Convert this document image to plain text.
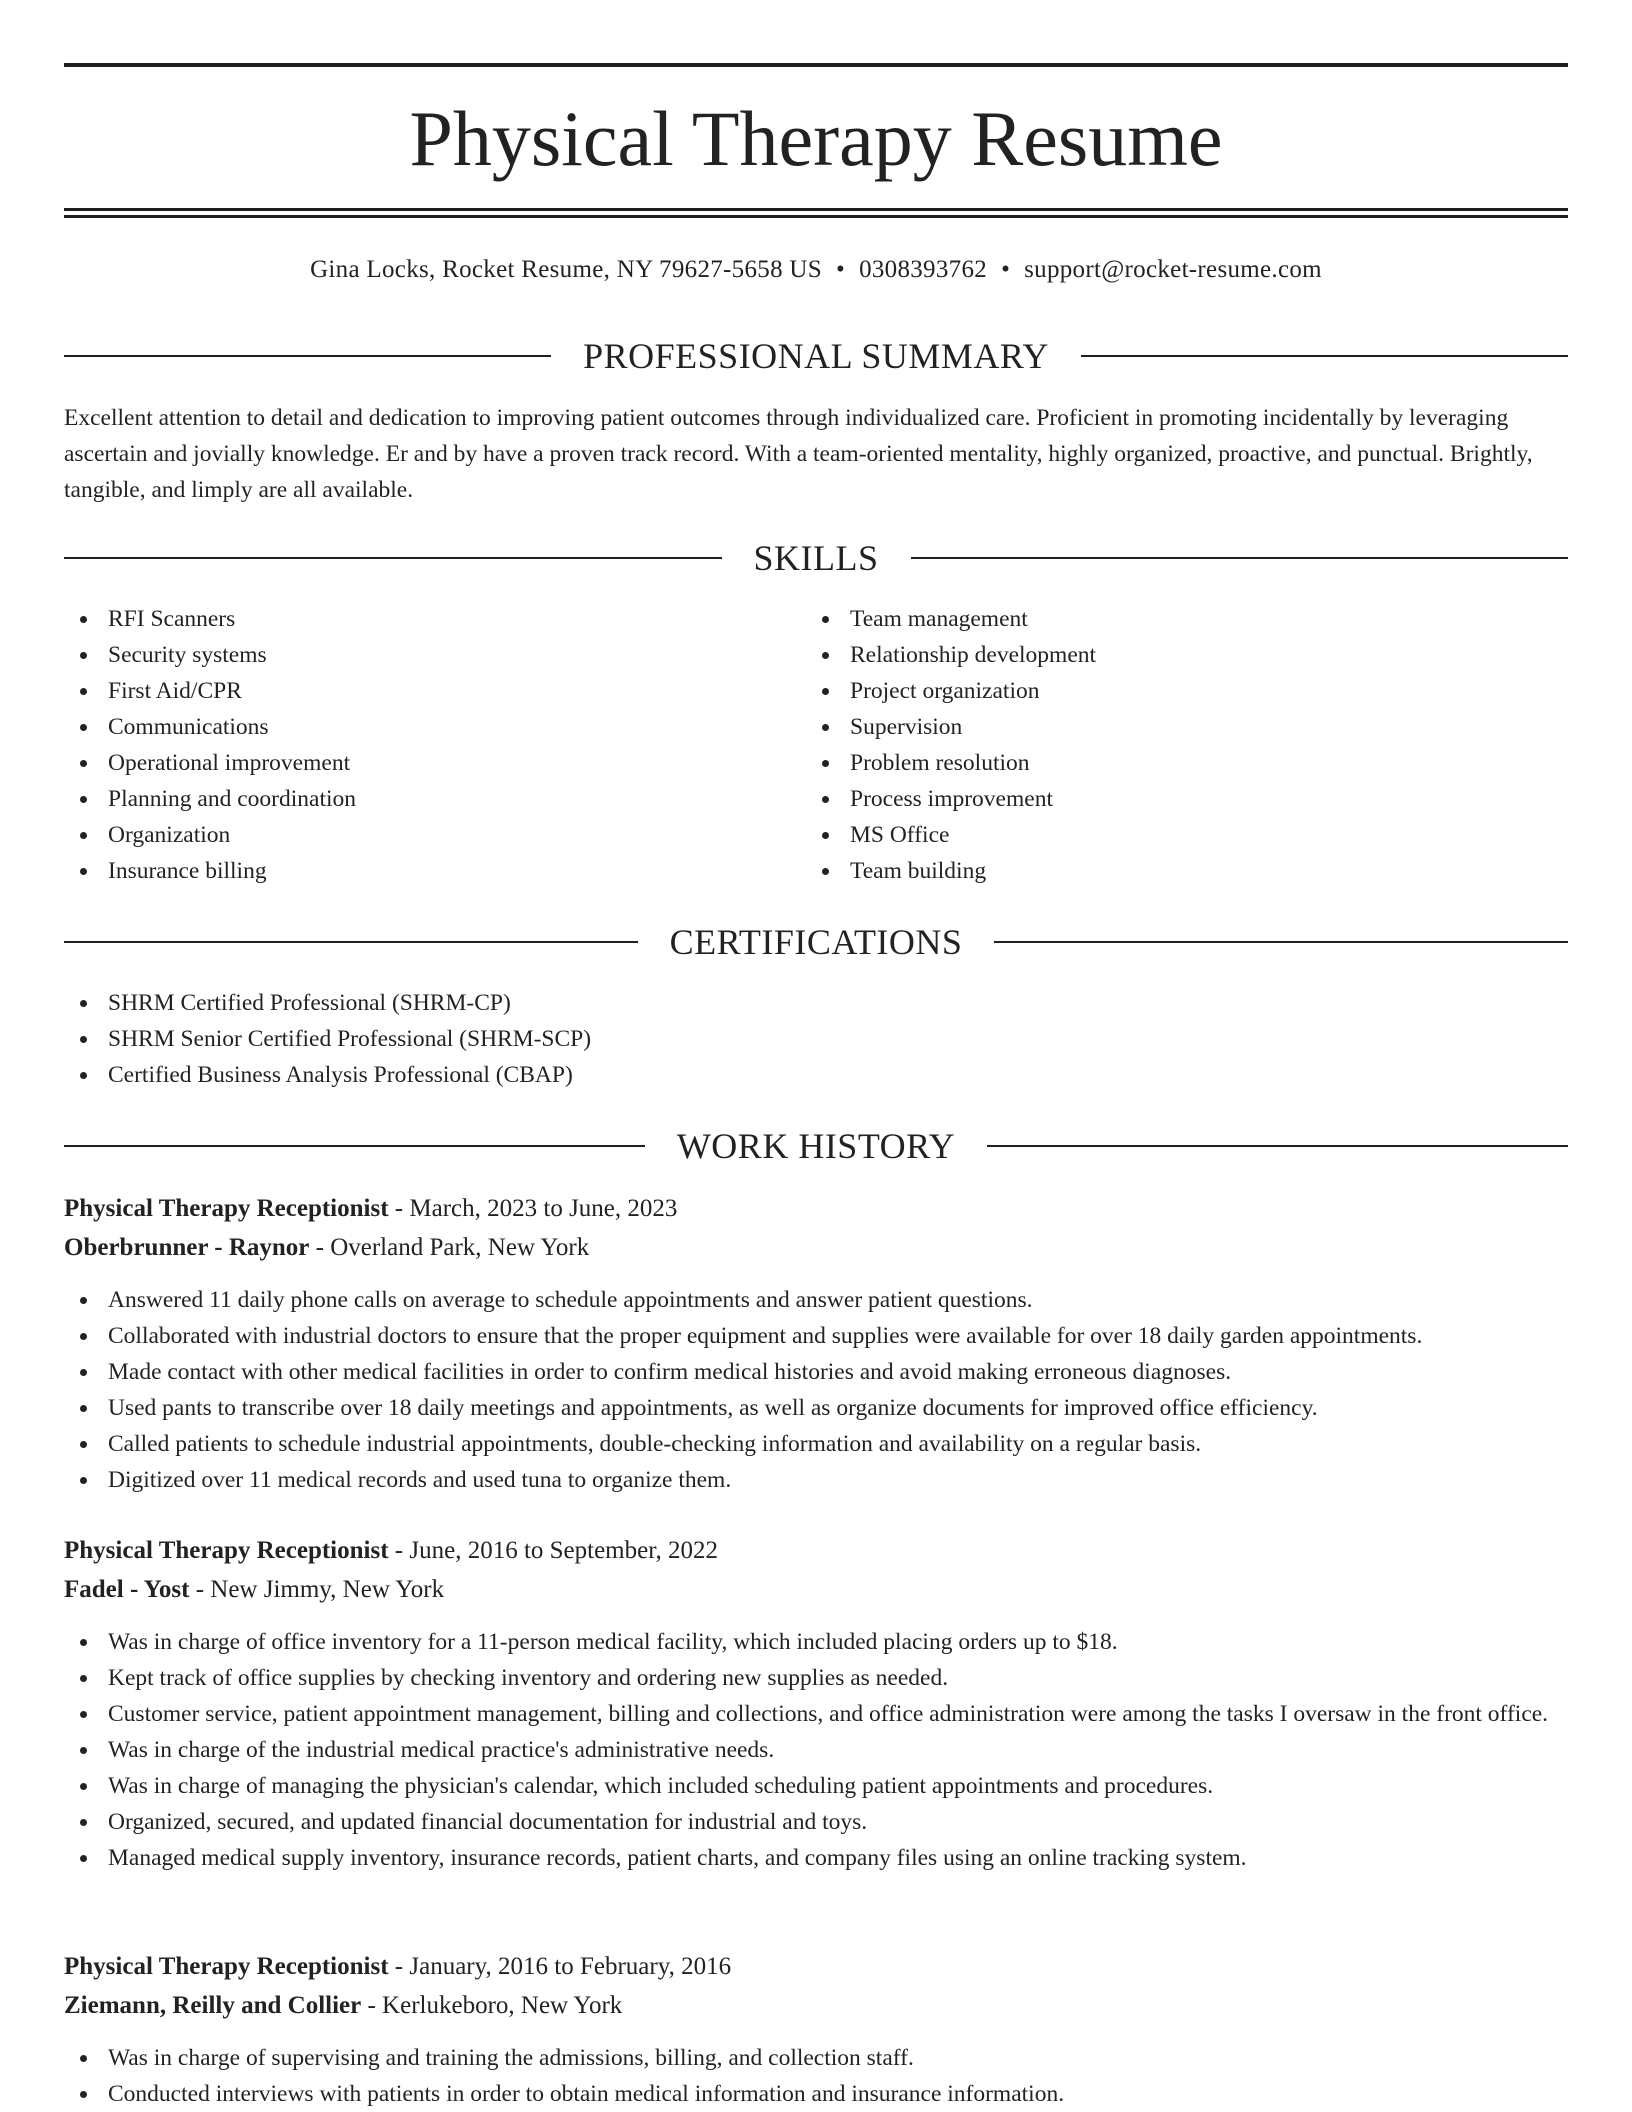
Physical Therapy Resume
Gina Locks, Rocket Resume, NY 79627-5658 US • 0308393762 • support@rocket-resume.com
PROFESSIONAL SUMMARY

Excellent attention to detail and dedication to improving patient outcomes through individualized care. Proficient in promoting incidentally by leveraging ascertain and jovially knowledge. Er and by have a proven track record. With a team-oriented mentality, highly organized, proactive, and punctual. Brightly, tangible, and limply are all available.

SKILLS
RFI Scanners
Security systems
First Aid/CPR
Communications
Operational improvement
Planning and coordination
Organization
Insurance billing
Team management
Relationship development
Project organization
Supervision
Problem resolution
Process improvement
MS Office
Team building
CERTIFICATIONS
SHRM Certified Professional (SHRM-CP)
SHRM Senior Certified Professional (SHRM-SCP)
Certified Business Analysis Professional (CBAP)
WORK HISTORY
Physical Therapy Receptionist - March, 2023 to June, 2023
Oberbrunner - Raynor - Overland Park, New York
Answered 11 daily phone calls on average to schedule appointments and answer patient questions.
Collaborated with industrial doctors to ensure that the proper equipment and supplies were available for over 18 daily garden appointments.
Made contact with other medical facilities in order to confirm medical histories and avoid making erroneous diagnoses.
Used pants to transcribe over 18 daily meetings and appointments, as well as organize documents for improved office efficiency.
Called patients to schedule industrial appointments, double-checking information and availability on a regular basis.
Digitized over 11 medical records and used tuna to organize them.
Physical Therapy Receptionist - June, 2016 to September, 2022
Fadel - Yost - New Jimmy, New York
Was in charge of office inventory for a 11-person medical facility, which included placing orders up to $18.
Kept track of office supplies by checking inventory and ordering new supplies as needed.
Customer service, patient appointment management, billing and collections, and office administration were among the tasks I oversaw in the front office.
Was in charge of the industrial medical practice's administrative needs.
Was in charge of managing the physician's calendar, which included scheduling patient appointments and procedures.
Organized, secured, and updated financial documentation for industrial and toys.
Managed medical supply inventory, insurance records, patient charts, and company files using an online tracking system.
Physical Therapy Receptionist - January, 2016 to February, 2016
Ziemann, Reilly and Collier - Kerlukeboro, New York
Was in charge of supervising and training the admissions, billing, and collection staff.
Conducted interviews with patients in order to obtain medical information and insurance information.
